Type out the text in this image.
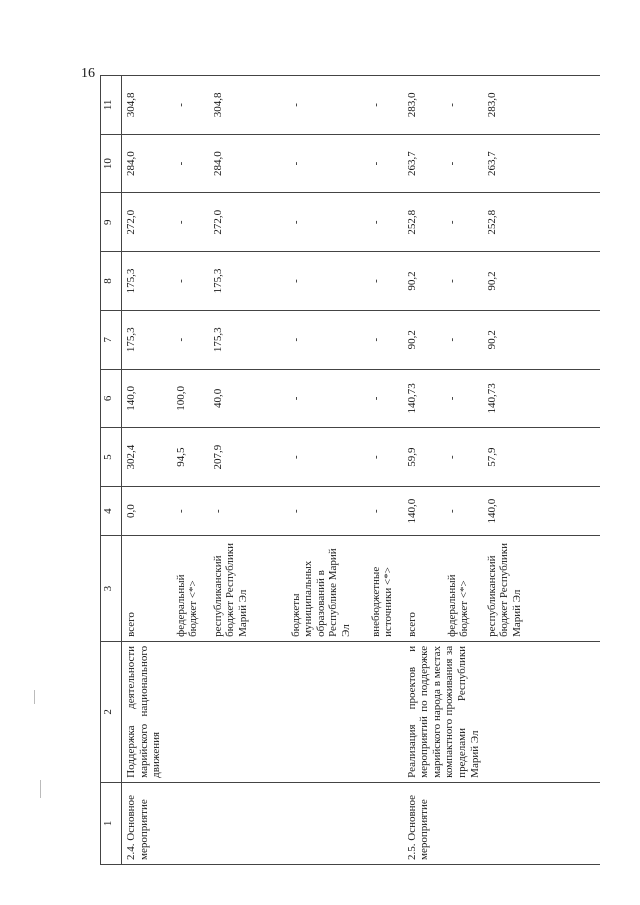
16
1	2	3	4	5	6	7	8	9	10	11
2.4. Основное мероприятие	Поддержка деятельности марийского национального движения	всего	0,0	302,4	140,0	175,3	175,3	272,0	284,0	304,8
		федеральный бюджет <*>	-	94,5	100,0	-	-	-	-	-
		республиканский бюджет Республики Марий Эл	-	207,9	40,0	175,3	175,3	272,0	284,0	304,8
		бюджеты муниципальных образований в Республике Марий Эл	-	-	-	-	-	-	-	-
		внебюджетные источники <*>	-	-	-	-	-	-	-	-
2.5. Основное мероприятие	Реализация проектов и мероприятий по поддержке марийского народа в местах компактного проживания за пределами Республики Марий Эл	всего	140,0	59,9	140,73	90,2	90,2	252,8	263,7	283,0
		федеральный бюджет <*>	-	-	-	-	-	-	-	-
		республиканский бюджет Республики Марий Эл	140,0	57,9	140,73	90,2	90,2	252,8	263,7	283,0
